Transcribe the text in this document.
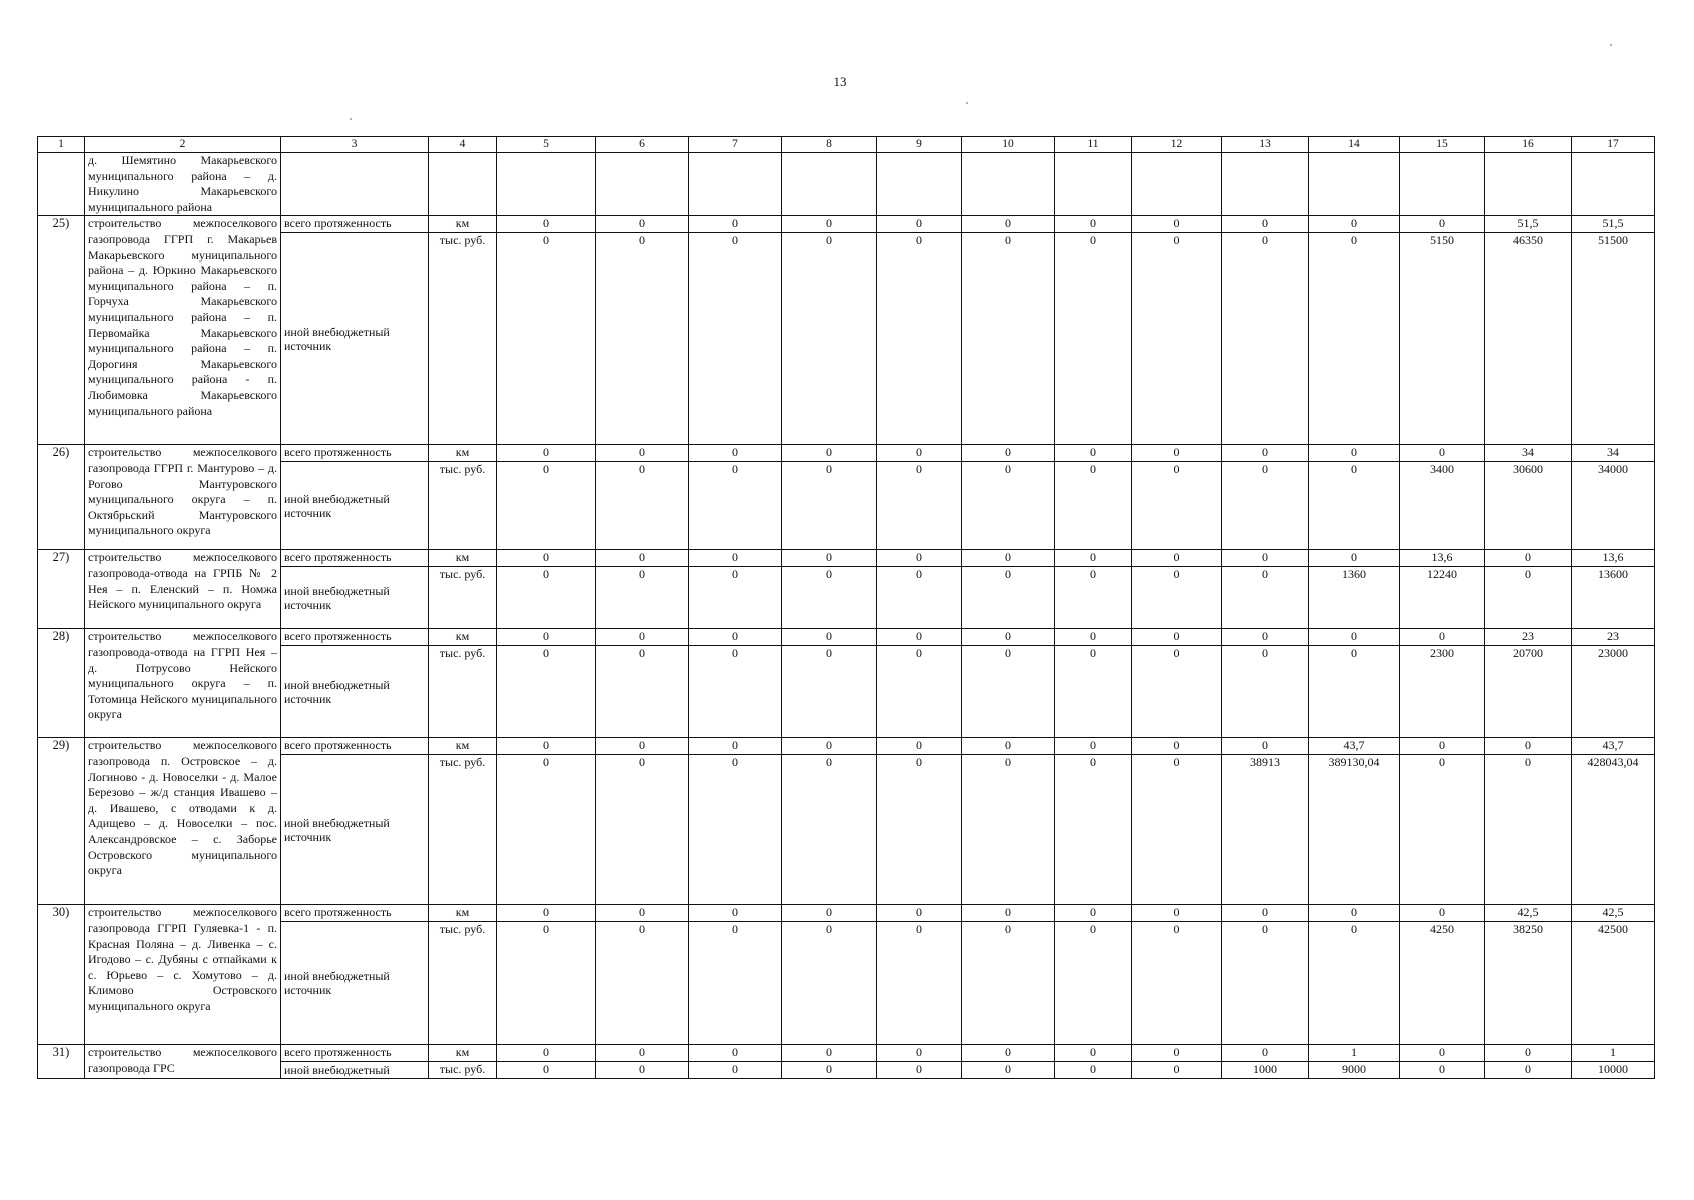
13
1	2	3	4	5	6	7	8	9	10	11	12	13	14	15	16	17
	д. Шемятино Макарьевского муниципального района – д. Никулино Макарьевского муниципального района															
25)	строительство межпоселкового газопровода ГГРП г. Макарьев Макарьевского муниципального района – д. Юркино Макарьевского муниципального района – п. Горчуха Макарьевского муниципального района – п. Первомайка Макарьевского муниципального района – п. Дорогиня Макарьевского муниципального района - п. Любимовка Макарьевского муниципального района	всего протяженность	км	0	0	0	0	0	0	0	0	0	0	0	51,5	51,5
		иной внебюджетный источник	тыс. руб.	0	0	0	0	0	0	0	0	0	0	5150	46350	51500
26)	строительство межпоселкового газопровода ГГРП г. Мантурово – д. Рогово Мантуровского муниципального округа – п. Октябрьский Мантуровского муниципального округа	всего протяженность	км	0	0	0	0	0	0	0	0	0	0	0	34	34
		иной внебюджетный источник	тыс. руб.	0	0	0	0	0	0	0	0	0	0	3400	30600	34000
27)	строительство межпоселкового газопровода-отвода на ГРПБ № 2 Нея – п. Еленский – п. Номжа Нейского муниципального округа	всего протяженность	км	0	0	0	0	0	0	0	0	0	0	13,6	0	13,6
		иной внебюджетный источник	тыс. руб.	0	0	0	0	0	0	0	0	0	1360	12240	0	13600
28)	строительство межпоселкового газопровода-отвода на ГГРП Нея – д. Потрусово Нейского муниципального округа – п. Тотомица Нейского муниципального округа	всего протяженность	км	0	0	0	0	0	0	0	0	0	0	0	23	23
		иной внебюджетный источник	тыс. руб.	0	0	0	0	0	0	0	0	0	0	2300	20700	23000
29)	строительство межпоселкового газопровода п. Островское – д. Логиново - д. Новоселки - д. Малое Березово – ж/д станция Ивашево – д. Ивашево, с отводами к д. Адищево – д. Новоселки – пос. Александровское – с. Заборье Островского муниципального округа	всего протяженность	км	0	0	0	0	0	0	0	0	0	43,7	0	0	43,7
		иной внебюджетный источник	тыс. руб.	0	0	0	0	0	0	0	0	38913	389130,04	0	0	428043,04
30)	строительство межпоселкового газопровода ГГРП Гуляевка-1 - п. Красная Поляна – д. Ливенка – с. Игодово – с. Дубяны с отпайками к с. Юрьево – с. Хомутово – д. Климово Островского муниципального округа	всего протяженность	км	0	0	0	0	0	0	0	0	0	0	0	42,5	42,5
		иной внебюджетный источник	тыс. руб.	0	0	0	0	0	0	0	0	0	0	4250	38250	42500
31)	строительство межпоселкового газопровода ГРС	всего протяженность	км	0	0	0	0	0	0	0	0	0	1	0	0	1
		иной внебюджетный	тыс. руб.	0	0	0	0	0	0	0	0	1000	9000	0	0	10000
